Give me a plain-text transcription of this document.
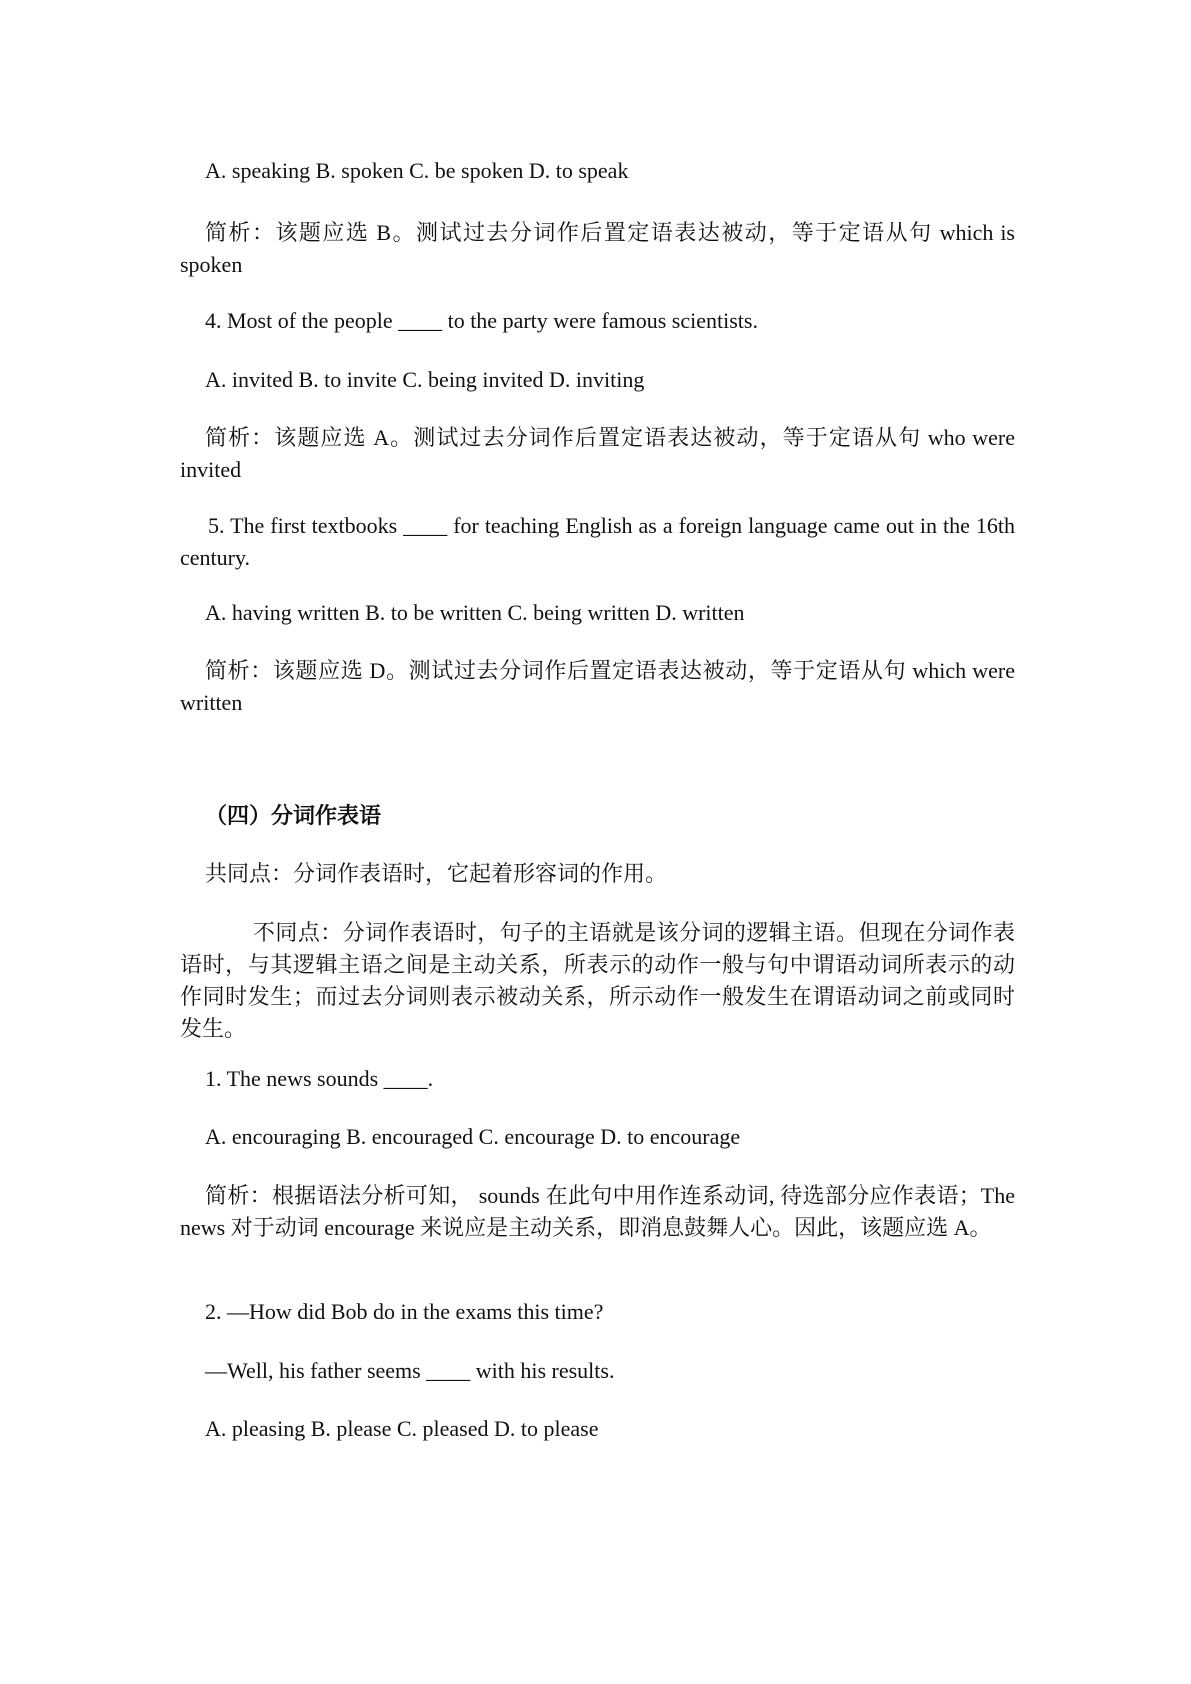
A. speaking B. spoken C. be spoken D. to speak

简析：该题应选 B。测试过去分词作后置定语表达被动，等于定语从句 which is spoken

4. Most of the people ____ to the party were famous scientists.

A. invited B. to invite C. being invited D. inviting

简析：该题应选 A。测试过去分词作后置定语表达被动，等于定语从句 who were invited

5. The first textbooks ____ for teaching English as a foreign language came out in the 16th century.

A. having written B. to be written C. being written D. written

简析：该题应选 D。测试过去分词作后置定语表达被动，等于定语从句 which were written

（四）分词作表语

共同点：分词作表语时，它起着形容词的作用。

不同点：分词作表语时，句子的主语就是该分词的逻辑主语。但现在分词作表语时，与其逻辑主语之间是主动关系，所表示的动作一般与句中谓语动词所表示的动作同时发生；而过去分词则表示被动关系，所示动作一般发生在谓语动词之前或同时发生。

1. The news sounds ____.

A. encouraging B. encouraged C. encourage D. to encourage

简析：根据语法分析可知， sounds 在此句中用作连系动词, 待选部分应作表语；The news 对于动词 encourage 来说应是主动关系，即消息鼓舞人心。因此，该题应选 A。

2. —How did Bob do in the exams this time?

—Well, his father seems ____ with his results.

A. pleasing B. please C. pleased D. to please
